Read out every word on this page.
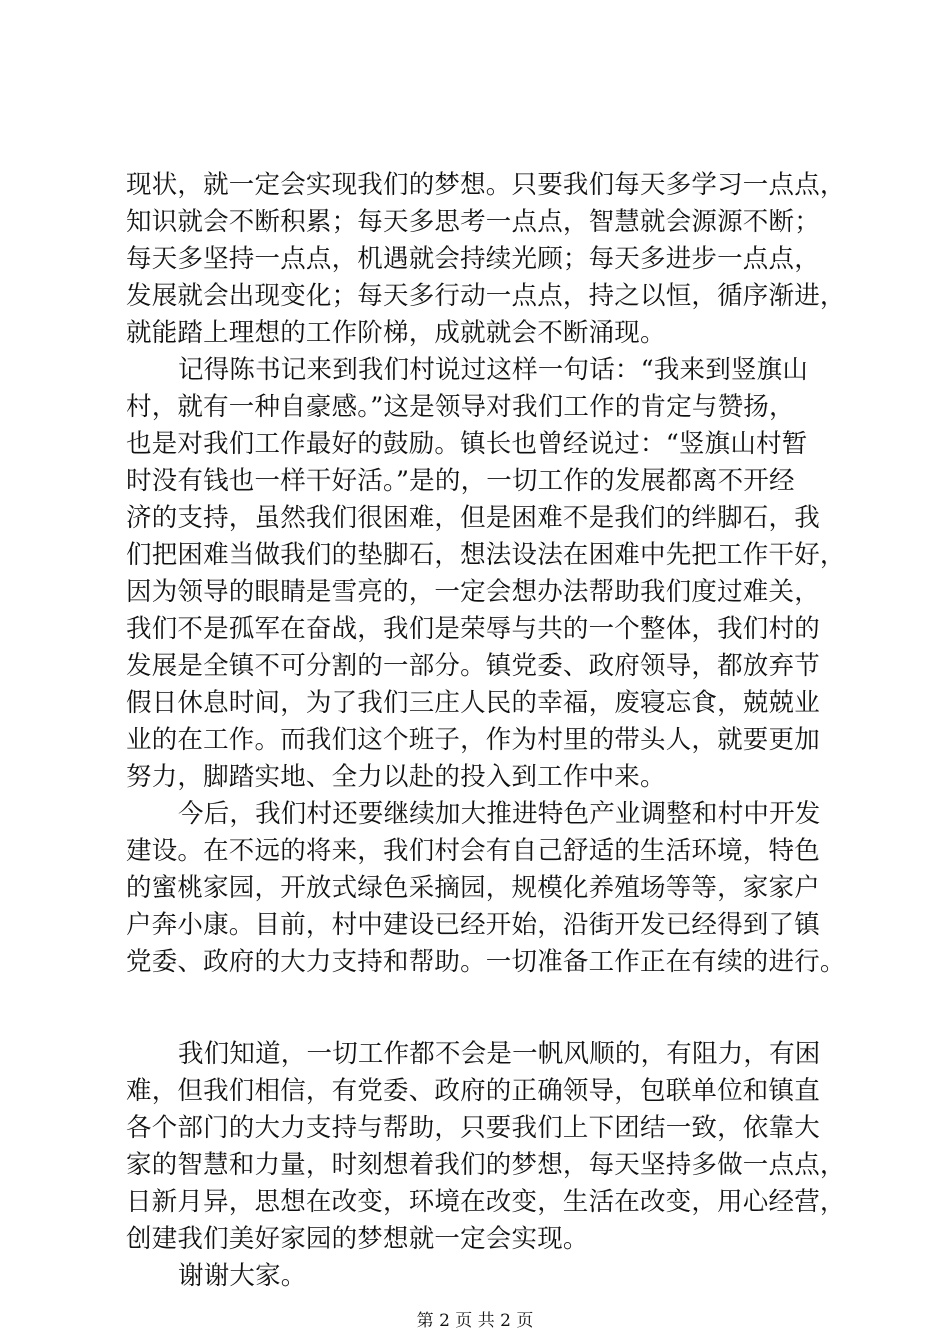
现状，就一定会实现我们的梦想。只要我们每天多学习一点点，
知识就会不断积累；每天多思考一点点，智慧就会源源不断；
每天多坚持一点点，机遇就会持续光顾；每天多进步一点点，
发展就会出现变化；每天多行动一点点，持之以恒，循序渐进，
就能踏上理想的工作阶梯，成就就会不断涌现。
记得陈书记来到我们村说过这样一句话：“我来到竖旗山
村，就有一种自豪感。”这是领导对我们工作的肯定与赞扬，
也是对我们工作最好的鼓励。镇长也曾经说过：“竖旗山村暂
时没有钱也一样干好活。”是的，一切工作的发展都离不开经
济的支持，虽然我们很困难，但是困难不是我们的绊脚石，我
们把困难当做我们的垫脚石，想法设法在困难中先把工作干好，
因为领导的眼睛是雪亮的，一定会想办法帮助我们度过难关，
我们不是孤军在奋战，我们是荣辱与共的一个整体，我们村的
发展是全镇不可分割的一部分。镇党委、政府领导，都放弃节
假日休息时间，为了我们三庄人民的幸福，废寝忘食，兢兢业
业的在工作。而我们这个班子，作为村里的带头人，就要更加
努力，脚踏实地、全力以赴的投入到工作中来。
今后，我们村还要继续加大推进特色产业调整和村中开发
建设。在不远的将来，我们村会有自己舒适的生活环境，特色
的蜜桃家园，开放式绿色采摘园，规模化养殖场等等，家家户
户奔小康。目前，村中建设已经开始，沿街开发已经得到了镇
党委、政府的大力支持和帮助。一切准备工作正在有续的进行。
我们知道，一切工作都不会是一帆风顺的，有阻力，有困
难，但我们相信，有党委、政府的正确领导，包联单位和镇直
各个部门的大力支持与帮助，只要我们上下团结一致，依靠大
家的智慧和力量，时刻想着我们的梦想，每天坚持多做一点点，
日新月异，思想在改变，环境在改变，生活在改变，用心经营，
创建我们美好家园的梦想就一定会实现。
谢谢大家。
第 2 页 共 2 页
